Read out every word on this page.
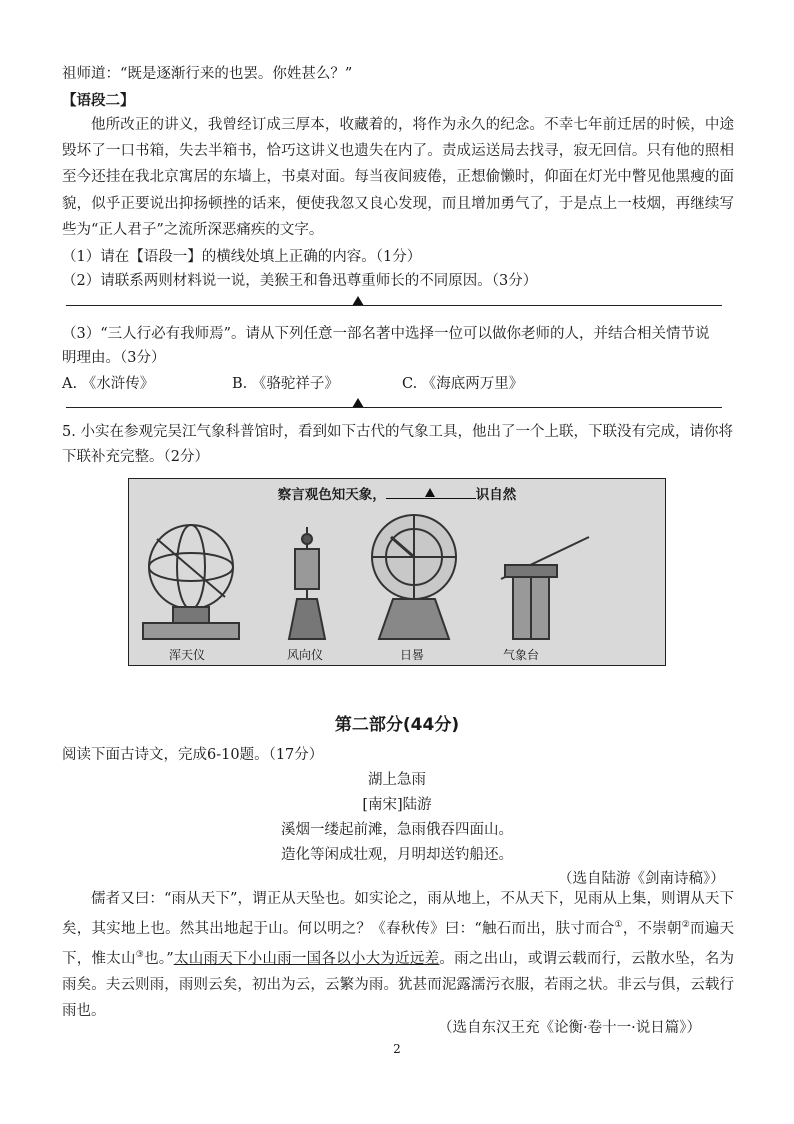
祖师道：“既是逐渐行来的也罢。你姓甚么？”
【语段二】
他所改正的讲义，我曾经订成三厚本，收藏着的，将作为永久的纪念。不幸七年前迁居的时候，中途毁坏了一口书箱，失去半箱书，恰巧这讲义也遗失在内了。责成运送局去找寻，寂无回信。只有他的照相至今还挂在我北京寓居的东墙上，书桌对面。每当夜间疲倦，正想偷懒时，仰面在灯光中瞥见他黑瘦的面貌，似乎正要说出抑扬顿挫的话来，便使我忽又良心发现，而且增加勇气了，于是点上一枝烟，再继续写些为“正人君子”之流所深恶痛疾的文字。
（1）请在【语段一】的横线处填上正确的内容。（1分）
（2）请联系两则材料说一说，美猴王和鲁迅尊重师长的不同原因。（3分）
（3）“三人行必有我师焉”。请从下列任意一部名著中选择一位可以做你老师的人，并结合相关情节说
明理由。（3分）
A. 《水浒传》	B. 《骆驼祥子》	C. 《海底两万里》
5. 小实在参观完吴江气象科普馆时，看到如下古代的气象工具，他出了一个上联，下联没有完成，请你将
下联补充完整。（2分）
察言观色知天象，	识自然
浑天仪	风向仪	日晷	气象台
第二部分(44分)
阅读下面古诗文，完成6-10题。（17分）
湖上急雨
[南宋]陆游
溪烟一缕起前滩，急雨俄吞四面山。
造化等闲成壮观，月明却送钓船还。
（选自陆游《剑南诗稿》）
儒者又曰：“雨从天下”，谓正从天坠也。如实论之，雨从地上，不从天下，见雨从上集，则谓从天下矣，其实地上也。然其出地起于山。何以明之？《春秋传》曰：“触石而出，肤寸而合①，不崇朝②而遍天下，惟太山③也。”太山雨天下小山雨一国各以小大为近远差。雨之出山，或谓云载而行，云散水坠，名为雨矣。夫云则雨，雨则云矣，初出为云，云繁为雨。犹甚而泥露濡污衣服，若雨之状。非云与俱，云载行雨也。
（选自东汉王充《论衡·卷十一·说日篇》）
2
